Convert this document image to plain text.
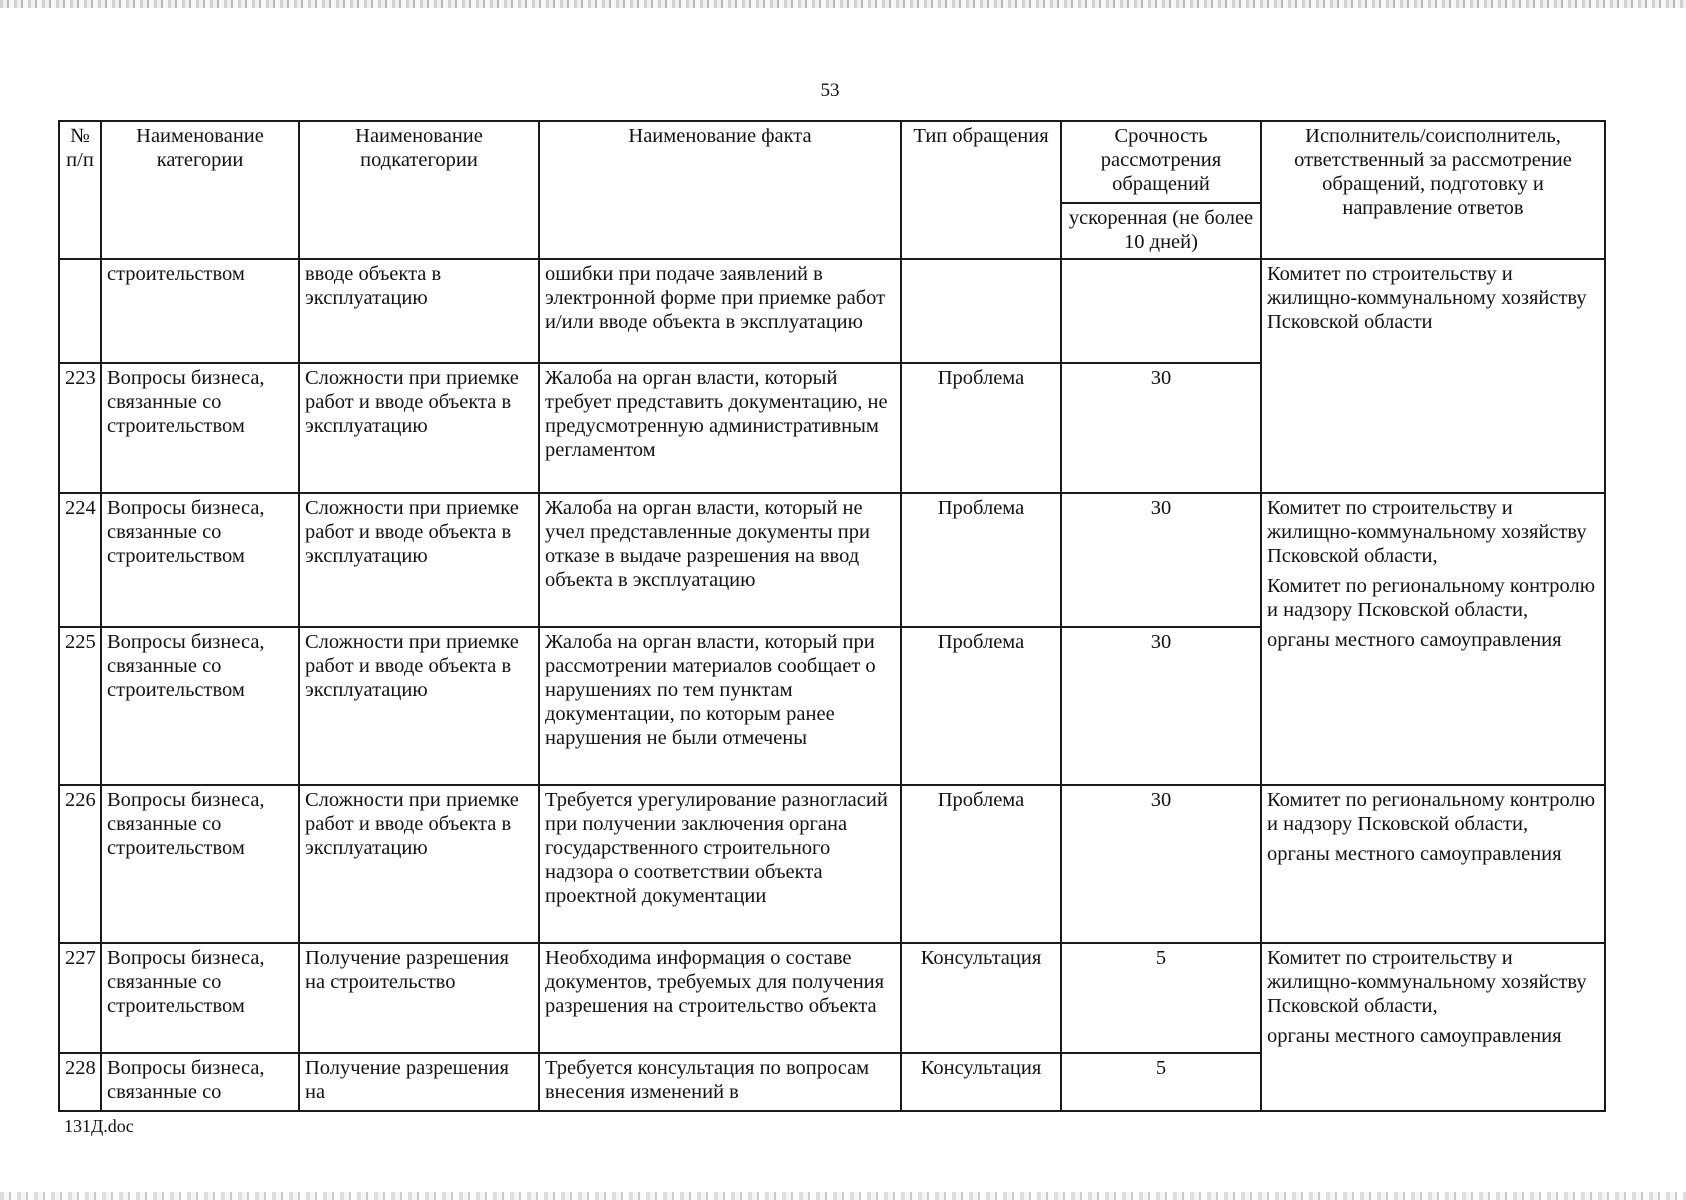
53
№ п/п	Наименование категории	Наименование подкатегории	Наименование факта	Тип обращения	Срочность рассмотрения обращений	Исполнитель/соисполнитель, ответственный за рассмотрение обращений, подготовку и направление ответов
					ускоренная (не более 10 дней)	
	строительством	вводе объекта в эксплуатацию	ошибки при подаче заявлений в электронной форме при приемке работ и/или вводе объекта в эксплуатацию			Комитет по строительству и жилищно-коммунальному хозяйству Псковской области

223	Вопросы бизнеса, связанные со строительством	Сложности при приемке работ и вводе объекта в эксплуатацию	Жалоба на орган власти, который требует представить документацию, не предусмотренную административным регламентом	Проблема	30	
224	Вопросы бизнеса, связанные со строительством	Сложности при приемке работ и вводе объекта в эксплуатацию	Жалоба на орган власти, который не учел представленные документы при отказе в выдаче разрешения на ввод объекта в эксплуатацию	Проблема	30	Комитет по строительству и жилищно-коммунальному хозяйству Псковской области,
Комитет по региональному контролю и надзору Псковской области,
органы местного самоуправления

225	Вопросы бизнеса, связанные со строительством	Сложности при приемке работ и вводе объекта в эксплуатацию	Жалоба на орган власти, который при рассмотрении материалов сообщает о нарушениях по тем пунктам документации, по которым ранее нарушения не были отмечены	Проблема	30	
226	Вопросы бизнеса, связанные со строительством	Сложности при приемке работ и вводе объекта в эксплуатацию	Требуется урегулирование разногласий при получении заключения органа государственного строительного надзора о соответствии объекта проектной документации	Проблема	30	Комитет по региональному контролю и надзору Псковской области,
органы местного самоуправления

227	Вопросы бизнеса, связанные со строительством	Получение разрешения на строительство	Необходима информация о составе документов, требуемых для получения разрешения на строительство объекта	Консультация	5	Комитет по строительству и жилищно-коммунальному хозяйству Псковской области,
органы местного самоуправления

228	Вопросы бизнеса, связанные со	Получение разрешения на	Требуется консультация по вопросам внесения изменений в	Консультация	5	
131Д.doc
